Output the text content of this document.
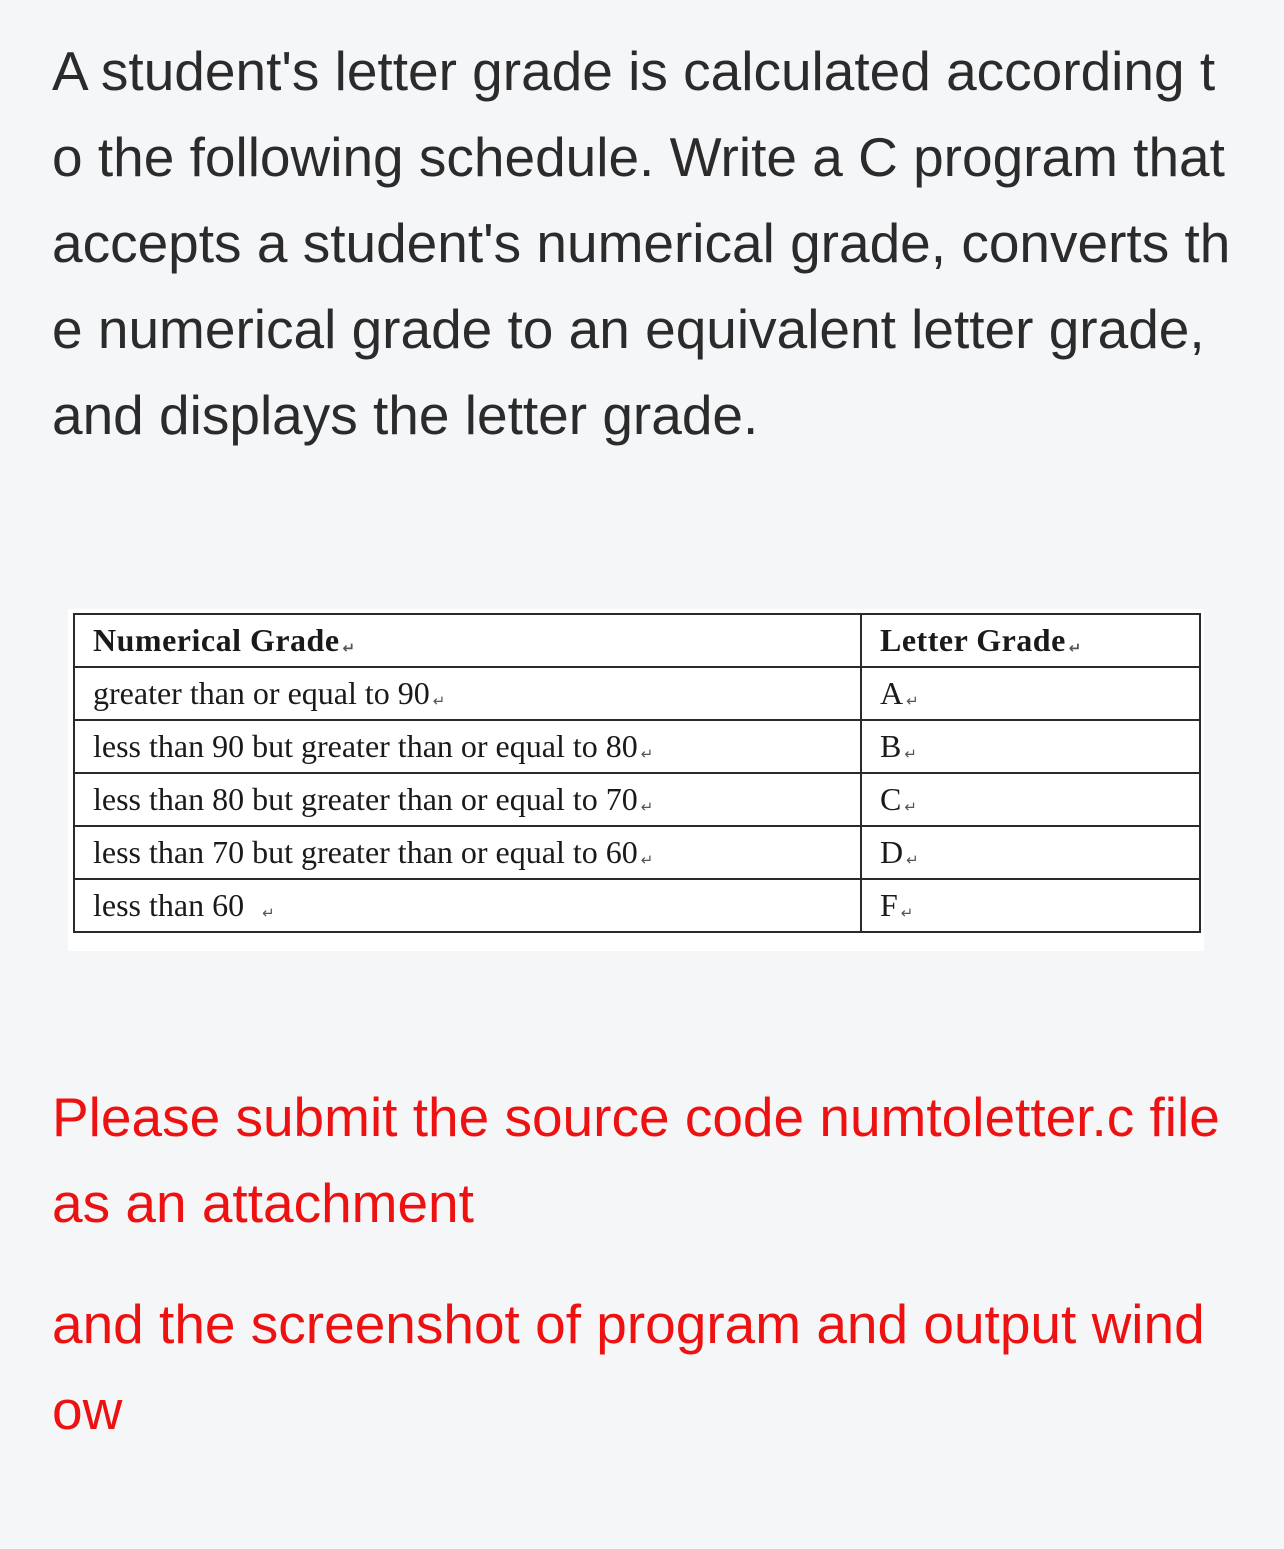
A student's letter grade is calculated according to the following schedule. Write a C program that accepts a student's numerical grade, converts the numerical grade to an equivalent letter grade, and displays the letter grade.

Numerical Grade ↵	Letter Grade ↵
greater than or equal to 90 ↵	A ↵
less than 90 but greater than or equal to 80 ↵	B ↵
less than 80 but greater than or equal to 70 ↵	C ↵
less than 70 but greater than or equal to 60 ↵	D ↵
less than 60 ↵	F ↵

Please submit the source code numtoletter.c file as an attachment

and the screenshot of program and output window
